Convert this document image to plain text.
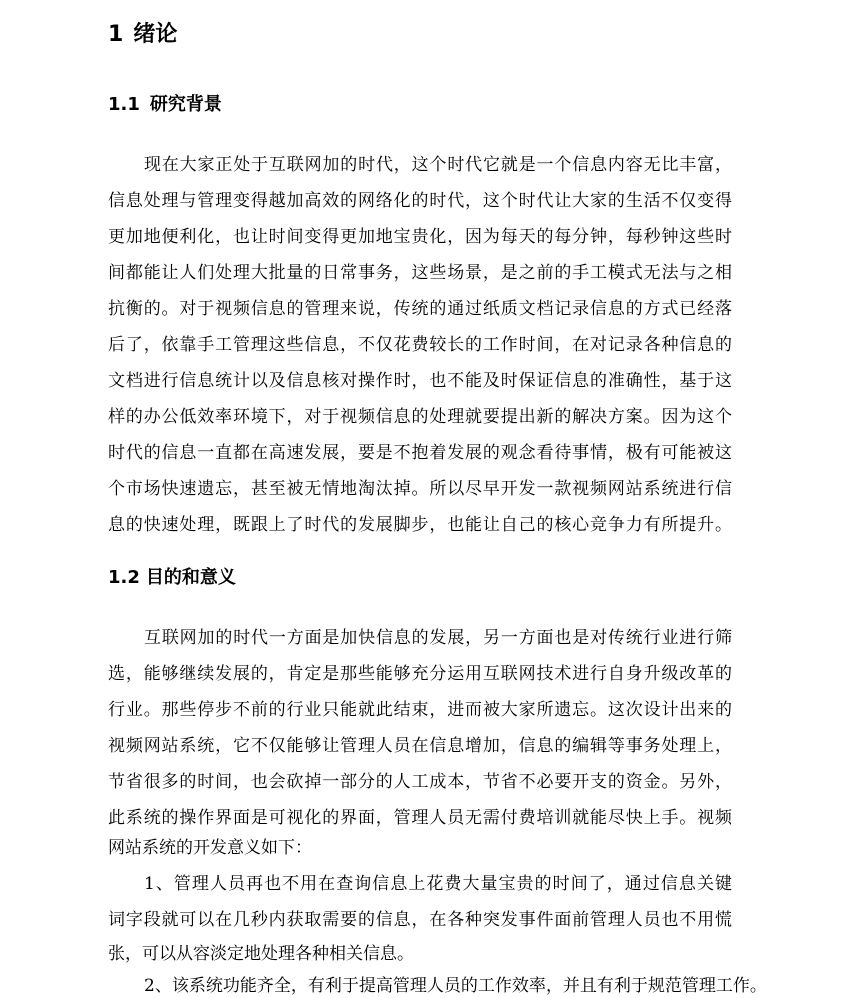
1 绪论
1.1 研究背景
现在大家正处于互联网加的时代，这个时代它就是一个信息内容无比丰富，
信息处理与管理变得越加高效的网络化的时代，这个时代让大家的生活不仅变得
更加地便利化，也让时间变得更加地宝贵化，因为每天的每分钟，每秒钟这些时
间都能让人们处理大批量的日常事务，这些场景，是之前的手工模式无法与之相
抗衡的。对于视频信息的管理来说，传统的通过纸质文档记录信息的方式已经落
后了，依靠手工管理这些信息，不仅花费较长的工作时间，在对记录各种信息的
文档进行信息统计以及信息核对操作时，也不能及时保证信息的准确性，基于这
样的办公低效率环境下，对于视频信息的处理就要提出新的解决方案。因为这个
时代的信息一直都在高速发展，要是不抱着发展的观念看待事情，极有可能被这
个市场快速遗忘，甚至被无情地淘汰掉。所以尽早开发一款视频网站系统进行信
息的快速处理，既跟上了时代的发展脚步，也能让自己的核心竞争力有所提升。
1.2 目的和意义
互联网加的时代一方面是加快信息的发展，另一方面也是对传统行业进行筛
选，能够继续发展的，肯定是那些能够充分运用互联网技术进行自身升级改革的
行业。那些停步不前的行业只能就此结束，进而被大家所遗忘。这次设计出来的
视频网站系统，它不仅能够让管理人员在信息增加，信息的编辑等事务处理上，
节省很多的时间，也会砍掉一部分的人工成本，节省不必要开支的资金。另外，
此系统的操作界面是可视化的界面，管理人员无需付费培训就能尽快上手。视频
网站系统的开发意义如下：
1、管理人员再也不用在查询信息上花费大量宝贵的时间了，通过信息关键
词字段就可以在几秒内获取需要的信息，在各种突发事件面前管理人员也不用慌
张，可以从容淡定地处理各种相关信息。
2、该系统功能齐全，有利于提高管理人员的工作效率，并且有利于规范管理工作。
